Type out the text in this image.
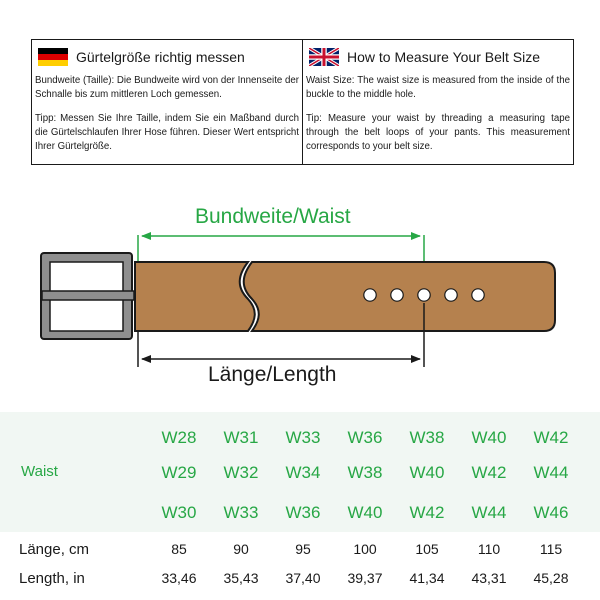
Gürtelgröße richtig messen

Bundweite (Taille): Die Bundweite wird von der Innenseite der Schnalle bis zum mittleren Loch gemessen.

Tipp: Messen Sie Ihre Taille, indem Sie ein Maßband durch die Gürtelschlaufen Ihrer Hose führen. Dieser Wert entspricht Ihrer Gürtelgröße.

How to Measure Your Belt Size

Waist Size: The waist size is measured from the inside of the buckle to the middle hole.

Tip: Measure your waist by threading a measuring tape through the belt loops of your pants. This measurement corresponds to your belt size.

Bundweite/Waist
Länge/Length
Waist
Länge, cm
Length, in
W28
W29
W30
85
33,46
W31
W32
W33
90
35,43
W33
W34
W36
95
37,40
W36
W38
W40
100
39,37
W38
W40
W42
105
41,34
W40
W42
W44
110
43,31
W42
W44
W46
115
45,28
